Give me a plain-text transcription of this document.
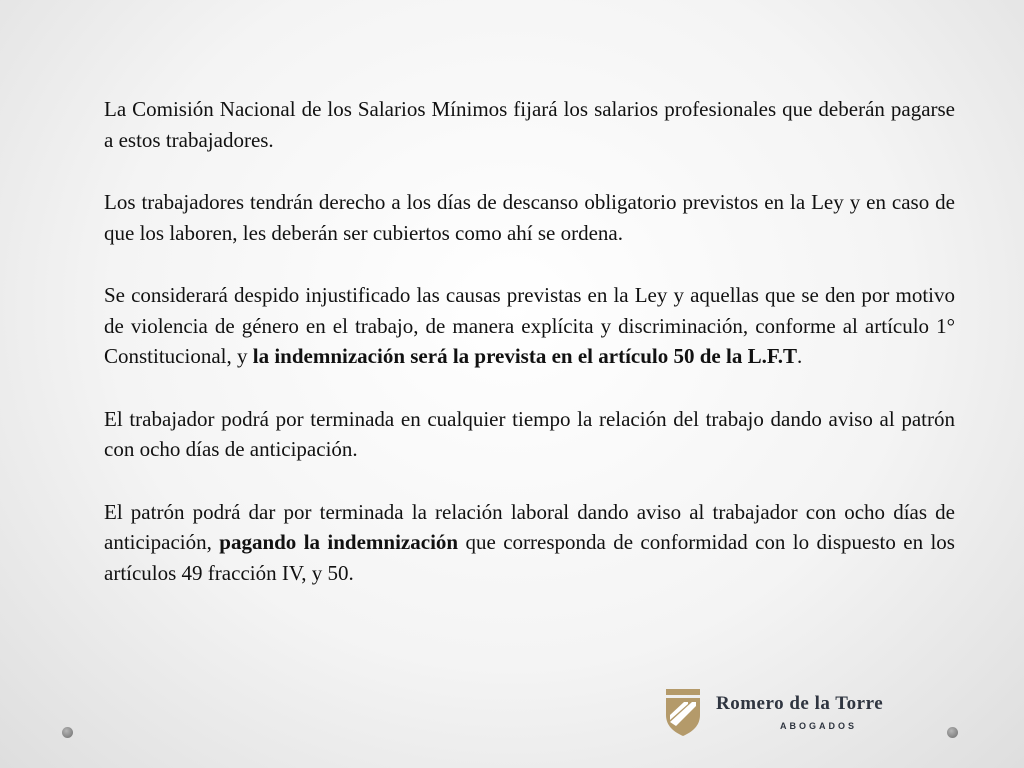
La Comisión Nacional de los Salarios Mínimos fijará los salarios profesionales que deberán pagarse a estos trabajadores.

Los trabajadores tendrán derecho a los días de descanso obligatorio previstos en la Ley y en caso de que los laboren, les deberán ser cubiertos como ahí se ordena.

Se considerará despido injustificado las causas previstas en la Ley y aquellas que se den por motivo de violencia de género en el trabajo, de manera explícita y discriminación, conforme al artículo 1° Constitucional, y la indemnización será la prevista en el artículo 50 de la L.F.T.

El trabajador podrá por terminada en cualquier tiempo la relación del trabajo dando aviso al patrón con ocho días de anticipación.

El patrón podrá dar por terminada la relación laboral dando aviso al trabajador con ocho días de anticipación, pagando la indemnización que corresponda de conformidad con lo dispuesto en los artículos 49 fracción IV, y 50.

Romero de la Torre
ABOGADOS
